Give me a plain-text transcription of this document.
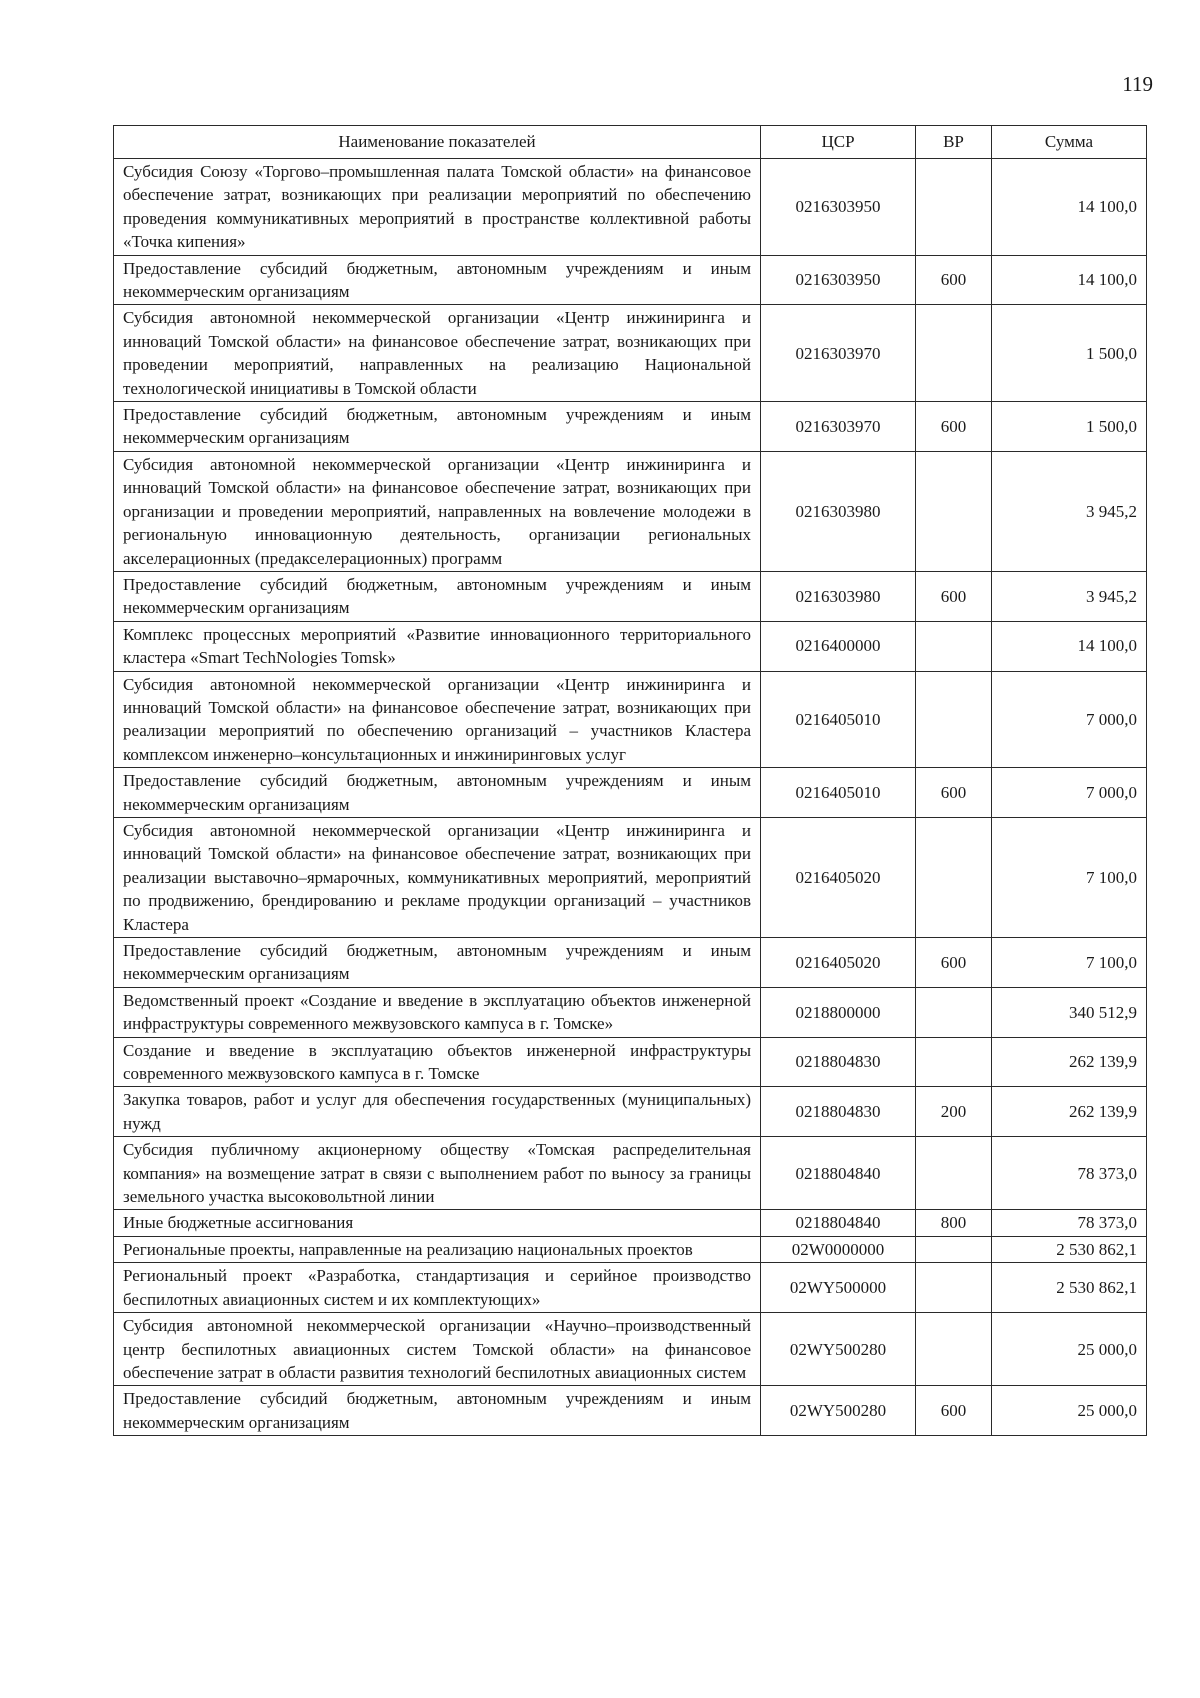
119
Наименование показателей	ЦСР	ВР	Сумма
Субсидия Союзу «Торгово–промышленная палата Томской области» на финансовое обеспечение затрат, возникающих при реализации мероприятий по обеспечению проведения коммуникативных мероприятий в пространстве коллективной работы «Точка кипения»	0216303950		14 100,0
Предоставление субсидий бюджетным, автономным учреждениям и иным некоммерческим организациям	0216303950	600	14 100,0
Субсидия автономной некоммерческой организации «Центр инжиниринга и инноваций Томской области» на финансовое обеспечение затрат, возникающих при проведении мероприятий, направленных на реализацию Национальной технологической инициативы в Томской области	0216303970		1 500,0
Предоставление субсидий бюджетным, автономным учреждениям и иным некоммерческим организациям	0216303970	600	1 500,0
Субсидия автономной некоммерческой организации «Центр инжиниринга и инноваций Томской области» на финансовое обеспечение затрат, возникающих при организации и проведении мероприятий, направленных на вовлечение молодежи в региональную инновационную деятельность, организации региональных акселерационных (предакселерационных) программ	0216303980		3 945,2
Предоставление субсидий бюджетным, автономным учреждениям и иным некоммерческим организациям	0216303980	600	3 945,2
Комплекс процессных мероприятий «Развитие инновационного территориального кластера «Smart TechNologies Tomsk»	0216400000		14 100,0
Субсидия автономной некоммерческой организации «Центр инжиниринга и инноваций Томской области» на финансовое обеспечение затрат, возникающих при реализации мероприятий по обеспечению организаций – участников Кластера комплексом инженерно–консультационных и инжиниринговых услуг	0216405010		7 000,0
Предоставление субсидий бюджетным, автономным учреждениям и иным некоммерческим организациям	0216405010	600	7 000,0
Субсидия автономной некоммерческой организации «Центр инжиниринга и инноваций Томской области» на финансовое обеспечение затрат, возникающих при реализации выставочно–ярмарочных, коммуникативных мероприятий, мероприятий по продвижению, брендированию и рекламе продукции организаций – участников Кластера	0216405020		7 100,0
Предоставление субсидий бюджетным, автономным учреждениям и иным некоммерческим организациям	0216405020	600	7 100,0
Ведомственный проект «Создание и введение в эксплуатацию объектов инженерной инфраструктуры современного межвузовского кампуса в г. Томске»	0218800000		340 512,9
Создание и введение в эксплуатацию объектов инженерной инфраструктуры современного межвузовского кампуса в г. Томске	0218804830		262 139,9
Закупка товаров, работ и услуг для обеспечения государственных (муниципальных) нужд	0218804830	200	262 139,9
Субсидия публичному акционерному обществу «Томская распределительная компания» на возмещение затрат в связи с выполнением работ по выносу за границы земельного участка высоковольтной линии	0218804840		78 373,0
Иные бюджетные ассигнования	0218804840	800	78 373,0
Региональные проекты, направленные на реализацию национальных проектов	02W0000000		2 530 862,1
Региональный проект «Разработка, стандартизация и серийное производство беспилотных авиационных систем и их комплектующих»	02WY500000		2 530 862,1
Субсидия автономной некоммерческой организации «Научно–производственный центр беспилотных авиационных систем Томской области» на финансовое обеспечение затрат в области развития технологий беспилотных авиационных систем	02WY500280		25 000,0
Предоставление субсидий бюджетным, автономным учреждениям и иным некоммерческим организациям	02WY500280	600	25 000,0
